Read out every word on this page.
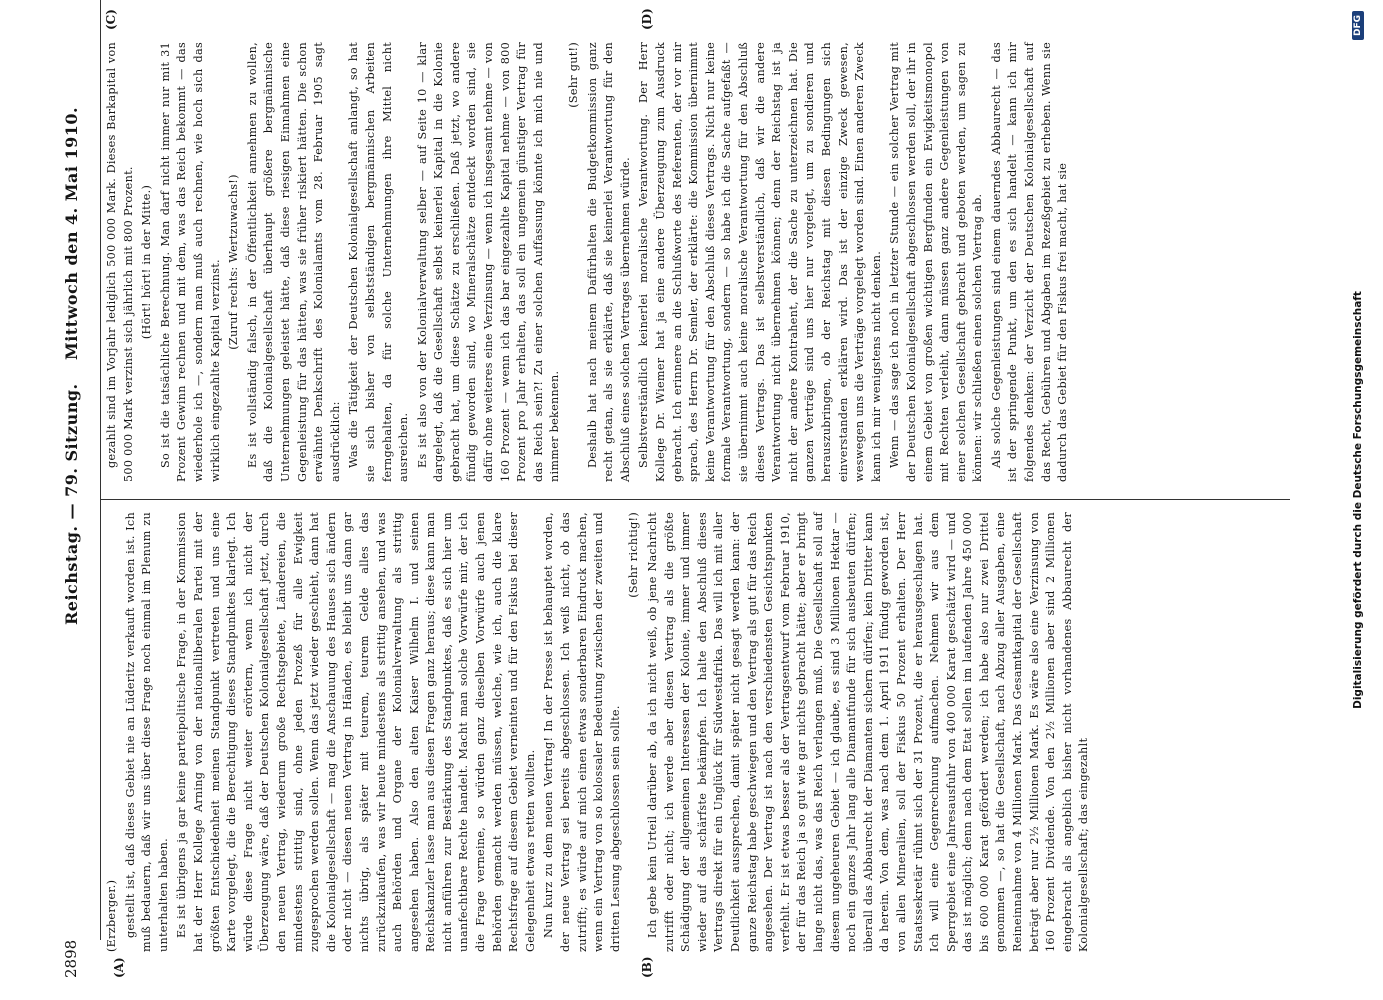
2898
Reichstag. — 79. Sitzung.
Mittwoch den 4. Mai 1910.
(A)	(B)
(C)	(D)

(Erzberger.) gestellt ist, daß dieses Gebiet nie an Lüderitz verkauft worden ist. Ich muß bedauern, daß wir uns über diese Frage noch einmal im Plenum zu unterhalten haben. Es ist übrigens ja gar keine parteipolitische Frage, in der Kommission hat der Herr Kollege Arning von der nationalliberalen Partei mit der größten Entschiedenheit meinen Standpunkt vertreten und uns eine Karte vorgelegt, die die Berechtigung dieses Standpunktes klarlegt. Ich würde diese Frage nicht weiter erörtern, wenn ich nicht der Überzeugung wäre, daß der Deutschen Kolonialgesellschaft jetzt, durch den neuen Vertrag, wiederum große Rechtsgebiete, Ländereien, die mindestens strittig sind, ohne jeden Prozeß für alle Ewigkeit zugesprochen werden sollen. Wenn das jetzt wieder geschieht, dann hat die Kolonialgesellschaft — mag die Anschauung des Hauses sich ändern oder nicht — diesen neuen Vertrag in Händen, es bleibt uns dann gar nichts übrig, als später mit teurem, teurem Gelde alles das zurückzukaufen, was wir heute mindestens als strittig ansehen, und was auch Behörden und Organe der Kolonialverwaltung als strittig angesehen haben. Also den alten Kaiser Wilhelm I. und seinen Reichskanzler lasse man aus diesen Fragen ganz heraus; diese kann man nicht anführen zur Bestärkung des Standpunktes, daß es sich hier um unanfechtbare Rechte handelt. Macht man solche Vorwürfe mir, der ich die Frage verneine, so würden ganz dieselben Vorwürfe auch jenen Behörden gemacht werden müssen, welche, wie ich, auch die klare Rechtsfrage auf diesem Gebiet verneinten und für den Fiskus bei dieser Gelegenheit etwas retten wollten. Nun kurz zu dem neuen Vertrag! In der Presse ist behauptet worden, der neue Vertrag sei bereits abgeschlossen. Ich weiß nicht, ob das zutrifft; es würde auf mich einen etwas sonderbaren Eindruck machen, wenn ein Vertrag von so kolossaler Bedeutung zwischen der zweiten und dritten Lesung abgeschlossen sein sollte.

(Sehr richtig!) Ich gebe kein Urteil darüber ab, da ich nicht weiß, ob jene Nachricht zutrifft oder nicht; ich werde aber diesen Vertrag als die größte Schädigung der allgemeinen Interessen der Kolonie, immer und immer wieder auf das schärfste bekämpfen. Ich halte den Abschluß dieses Vertrags direkt für ein Unglück für Südwestafrika. Das will ich mit aller Deutlichkeit aussprechen, damit später nicht gesagt werden kann: der ganze Reichstag habe geschwiegen und den Vertrag als gut für das Reich angesehen. Der Vertrag ist nach den verschiedensten Gesichtspunkten verfehlt. Er ist etwas besser als der Vertragsentwurf vom Februar 1910, der für das Reich ja so gut wie gar nichts gebracht hätte; aber er bringt lange nicht das, was das Reich verlangen muß. Die Gesellschaft soll auf diesem ungeheuren Gebiet — ich glaube, es sind 3 Millionen Hektar — noch ein ganzes Jahr lang alle Diamantfunde für sich ausbeuten dürfen; überall das Abbaurecht der Diamanten sichern dürfen; kein Dritter kann da herein. Von dem, was nach dem 1. April 1911 fündig geworden ist, von allen Mineralien, soll der Fiskus 50 Prozent erhalten. Der Herr Staatssekretär rühmt sich der 31 Prozent, die er herausgeschlagen hat. Ich will eine Gegenrechnung aufmachen. Nehmen wir aus dem Sperrgebiet eine Jahresausfuhr von 400 000 Karat geschätzt wird — und das ist möglich; denn nach dem Etat sollen im laufenden Jahre 450 000 bis 600 000 Karat gefördert werden; ich habe also nur zwei Drittel genommen —, so hat die Gesellschaft, nach Abzug aller Ausgaben, eine Reineinnahme von 4 Millionen Mark. Das Gesamtkapital der Gesellschaft beträgt aber nur 2½ Millionen Mark. Es wäre also eine Verzinsung von 160 Prozent Dividende. Von den 2½ Millionen aber sind 2 Millionen eingebracht als angeblich bisher nicht vorhandenes Abbaurecht der Kolonialgesellschaft; das eingezahlt

gezahlt sind im Vorjahr lediglich 500 000 Mark. Dieses Barkapital von 500 000 Mark verzinst sich jährlich mit 800 Prozent. (Hört! hört! in der Mitte.) So ist die tatsächliche Berechnung. Man darf nicht immer nur mit 31 Prozent Gewinn rechnen und mit dem, was das Reich bekommt — das wiederhole ich —, sondern man muß auch rechnen, wie hoch sich das wirklich eingezahlte Kapital verzinst. (Zuruf rechts: Wertzuwachs!) Es ist vollständig falsch, in der Öffentlichkeit annehmen zu wollen, daß die Kolonialgesellschaft überhaupt größere bergmännische Unternehmungen geleistet hätte, daß diese riesigen Einnahmen eine Gegenleistung für das hätten, was sie früher riskiert hätten. Die schon erwähnte Denkschrift des Kolonialamts vom 28. Februar 1905 sagt ausdrücklich: Was die Tätigkeit der Deutschen Kolonialgesellschaft anlangt, so hat sie sich bisher von selbstständigen bergmännischen Arbeiten ferngehalten, da für solche Unternehmungen ihre Mittel nicht ausreichen. Es ist also von der Kolonialverwaltung selber — auf Seite 10 — klar dargelegt, daß die Gesellschaft selbst keinerlei Kapital in die Kolonie gebracht hat, um diese Schätze zu erschließen. Daß jetzt, wo andere fündig geworden sind, wo Mineralschätze entdeckt worden sind, sie dafür ohne weiteres eine Verzinsung — wenn ich insgesamt nehme — von 160 Prozent — wenn ich das bar eingezahlte Kapital nehme — von 800 Prozent pro Jahr erhalten, das soll ein ungemein günstiger Vertrag für das Reich sein?! Zu einer solchen Auffassung könnte ich mich nie und nimmer bekennen.

(Sehr gut!) Deshalb hat nach meinem Dafürhalten die Budgetkommission ganz recht getan, als sie erklärte, daß sie keinerlei Verantwortung für den Abschluß eines solchen Vertrages übernehmen würde. Selbstverständlich keinerlei moralische Verantwortung. Der Herr Kollege Dr. Wiemer hat ja eine andere Überzeugung zum Ausdruck gebracht. Ich erinnere an die Schlußworte des Referenten, der vor mir sprach, des Herrn Dr. Semler, der erklärte: die Kommission übernimmt keine Verantwortung für den Abschluß dieses Vertrags. Nicht nur keine formale Verantwortung, sondern — so habe ich die Sache aufgefaßt — sie übernimmt auch keine moralische Verantwortung für den Abschluß dieses Vertrags. Das ist selbstverständlich, daß wir die andere Verantwortung nicht übernehmen können; denn der Reichstag ist ja nicht der andere Kontrahent, der die Sache zu unterzeichnen hat. Die ganzen Verträge sind uns hier nur vorgelegt, um zu sondieren und herauszubringen, ob der Reichstag mit diesen Bedingungen sich einverstanden erklären wird. Das ist der einzige Zweck gewesen, weswegen uns die Verträge vorgelegt worden sind. Einen anderen Zweck kann ich mir wenigstens nicht denken. Wenn — das sage ich noch in letzter Stunde — ein solcher Vertrag mit der Deutschen Kolonialgesellschaft abgeschlossen werden soll, der ihr in einem Gebiet von großen wichtigen Bergfunden ein Ewigkeitsmonopol mit Rechten verleiht, dann müssen ganz andere Gegenleistungen von einer solchen Gesellschaft gebracht und geboten werden, um sagen zu können: wir schließen einen solchen Vertrag ab. Als solche Gegenleistungen sind einem dauerndes Abbaurecht — das ist der springende Punkt, um den es sich handelt — kann ich mir folgendes denken: der Verzicht der Deutschen Kolonialgesellschaft auf das Recht, Gebühren und Abgaben im Rezeßgebiet zu erheben. Wenn sie dadurch das Gebiet für den Fiskus frei macht, hat sie	Digitalisierung gefördert durch die Deutsche Forschungsgemeinschaft
DFG
